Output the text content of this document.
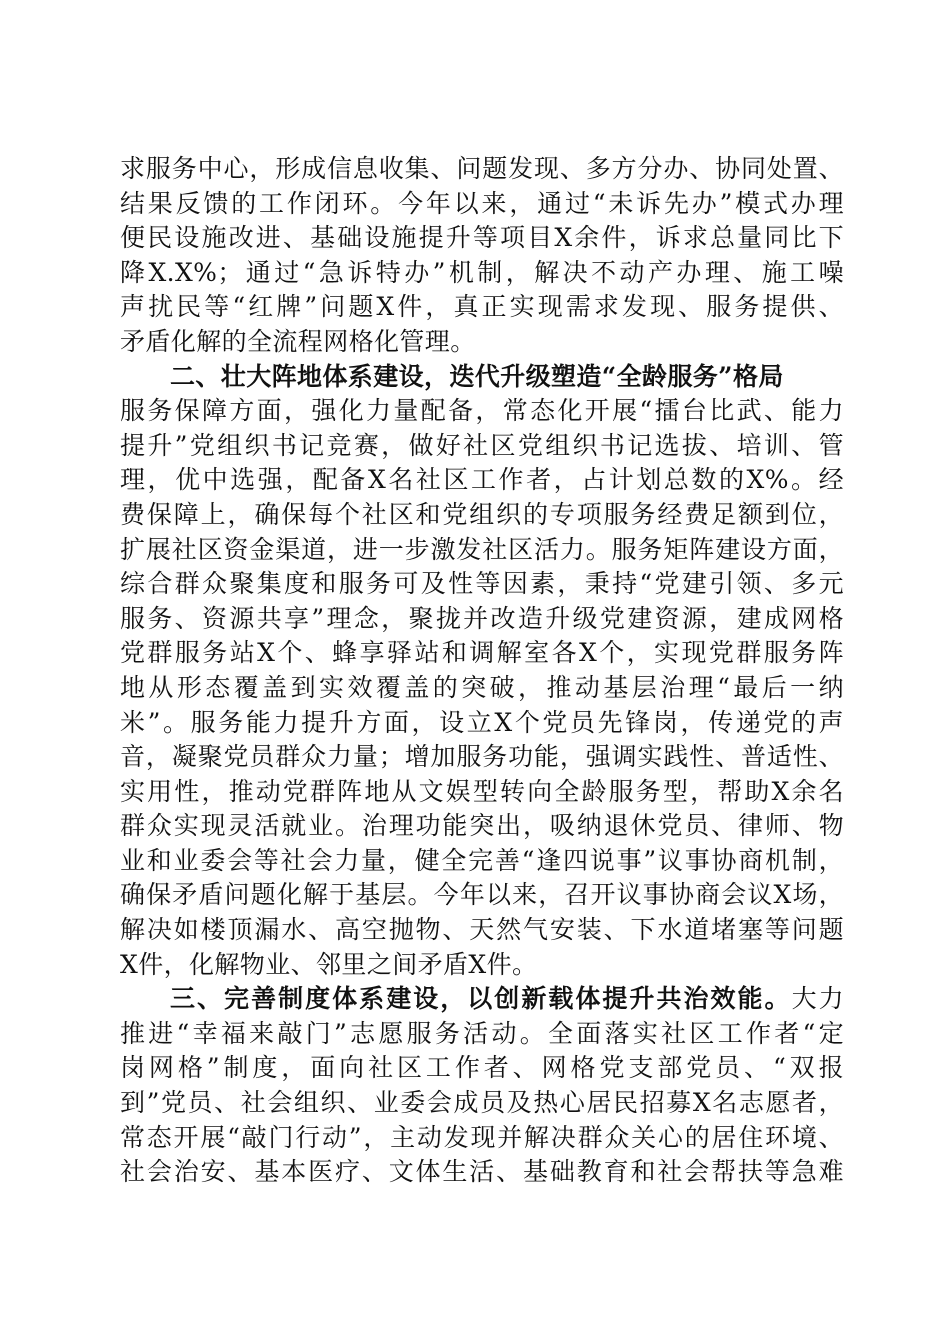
求服务中心，形成信息收集、问题发现、多方分办、协同处置、
结果反馈的工作闭环。今年以来，通过“未诉先办”模式办理
便民设施改进、基础设施提升等项目X余件，诉求总量同比下
降X.X%；通过“急诉特办”机制，解决不动产办理、施工噪
声扰民等“红牌”问题X件，真正实现需求发现、服务提供、
矛盾化解的全流程网格化管理。
二、壮大阵地体系建设，迭代升级塑造“全龄服务”格局
服务保障方面，强化力量配备，常态化开展“擂台比武、能力
提升”党组织书记竞赛，做好社区党组织书记选拔、培训、管
理，优中选强，配备X名社区工作者，占计划总数的X%。经
费保障上，确保每个社区和党组织的专项服务经费足额到位，
扩展社区资金渠道，进一步激发社区活力。服务矩阵建设方面，
综合群众聚集度和服务可及性等因素，秉持“党建引领、多元
服务、资源共享”理念，聚拢并改造升级党建资源，建成网格
党群服务站X个、蜂享驿站和调解室各X个，实现党群服务阵
地从形态覆盖到实效覆盖的突破，推动基层治理“最后一纳
米”。服务能力提升方面，设立X个党员先锋岗，传递党的声
音，凝聚党员群众力量；增加服务功能，强调实践性、普适性、
实用性，推动党群阵地从文娱型转向全龄服务型，帮助X余名
群众实现灵活就业。治理功能突出，吸纳退休党员、律师、物
业和业委会等社会力量，健全完善“逢四说事”议事协商机制，
确保矛盾问题化解于基层。今年以来，召开议事协商会议X场，
解决如楼顶漏水、高空抛物、天然气安装、下水道堵塞等问题
X件，化解物业、邻里之间矛盾X件。
三、完善制度体系建设，以创新载体提升共治效能。大力
推进“幸福来敲门”志愿服务活动。全面落实社区工作者“定
岗网格”制度，面向社区工作者、网格党支部党员、“双报
到”党员、社会组织、业委会成员及热心居民招募X名志愿者，
常态开展“敲门行动”，主动发现并解决群众关心的居住环境、
社会治安、基本医疗、文体生活、基础教育和社会帮扶等急难
